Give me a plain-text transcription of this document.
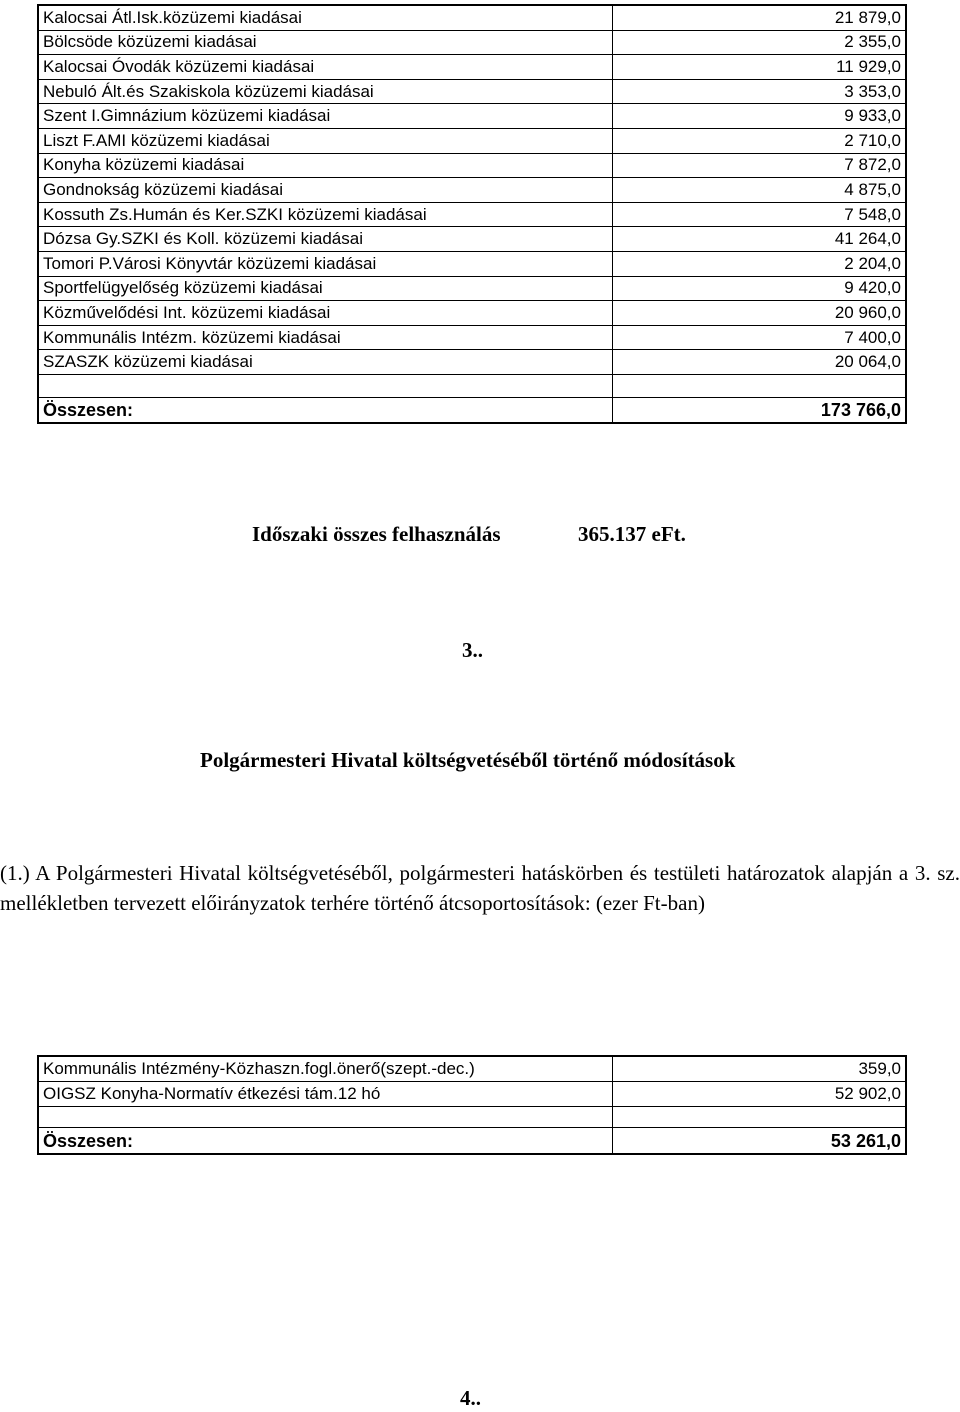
Kalocsai Átl.Isk.közüzemi kiadásai	21 879,0
Bölcsöde közüzemi kiadásai	2 355,0
Kalocsai Óvodák közüzemi kiadásai	11 929,0
Nebuló Ált.és Szakiskola közüzemi kiadásai	3 353,0
Szent I.Gimnázium közüzemi kiadásai	9 933,0
Liszt F.AMI közüzemi kiadásai	2 710,0
Konyha közüzemi kiadásai	7 872,0
Gondnokság közüzemi kiadásai	4 875,0
Kossuth Zs.Humán és Ker.SZKI közüzemi kiadásai	7 548,0
Dózsa Gy.SZKI és Koll. közüzemi kiadásai	41 264,0
Tomori P.Városi Könyvtár közüzemi kiadásai	2 204,0
Sportfelügyelőség közüzemi kiadásai	9 420,0
Közművelődési Int. közüzemi kiadásai	20 960,0
Kommunális Intézm. közüzemi kiadásai	7 400,0
SZASZK közüzemi kiadásai	20 064,0

Összesen:	173 766,0
Időszaki összes felhasználás	365.137 eFt.
3..
Polgármesteri Hivatal költségvetéséből történő módosítások

(1.) A Polgármesteri Hivatal költségvetéséből, polgármesteri hatáskörben és testületi határozatok alapján a 3. sz. mellékletben tervezett előirányzatok terhére történő átcsoportosítások: (ezer Ft-ban)

Kommunális Intézmény-Közhaszn.fogl.önerő(szept.-dec.)	359,0
OIGSZ Konyha-Normatív étkezési tám.12 hó	52 902,0

Összesen:	53 261,0
4..
